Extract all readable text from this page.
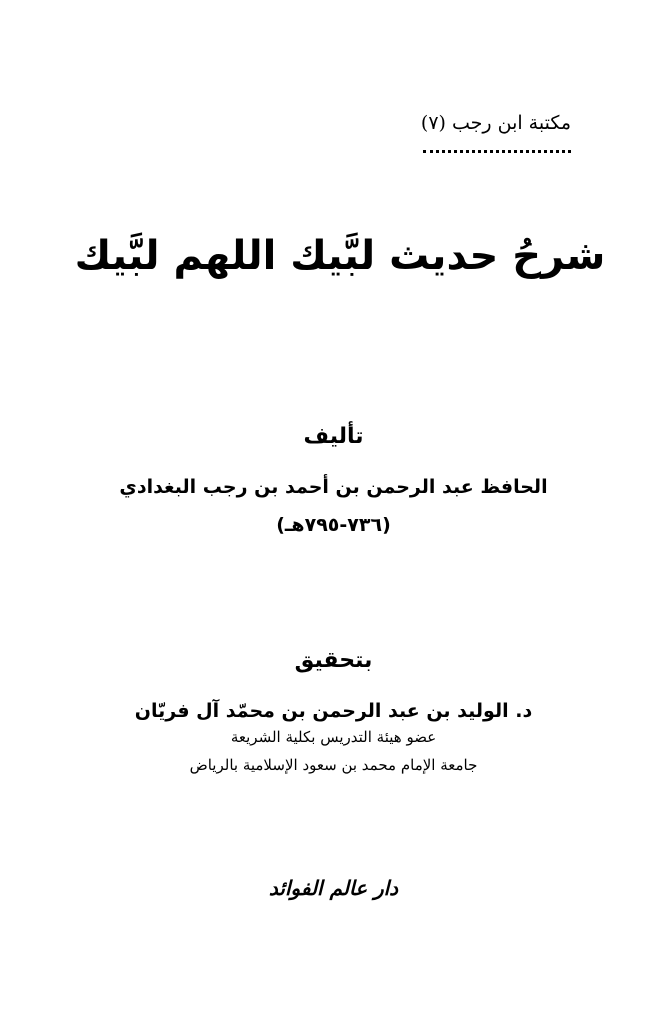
مكتبة ابن رجب (٧)
شرحُ حديث لبَّيك اللهم لبَّيك
تأليف
الحافظ عبد الرحمن بن أحمد بن رجب البغدادي
(٧٣٦-٧٩٥هـ)
بتحقيق
د. الوليد بن عبد الرحمن بن محمّد آل فريّان
عضو هيئة التدريس بكلية الشريعة
جامعة الإمام محمد بن سعود الإسلامية بالرياض
دار عالم الفوائد
